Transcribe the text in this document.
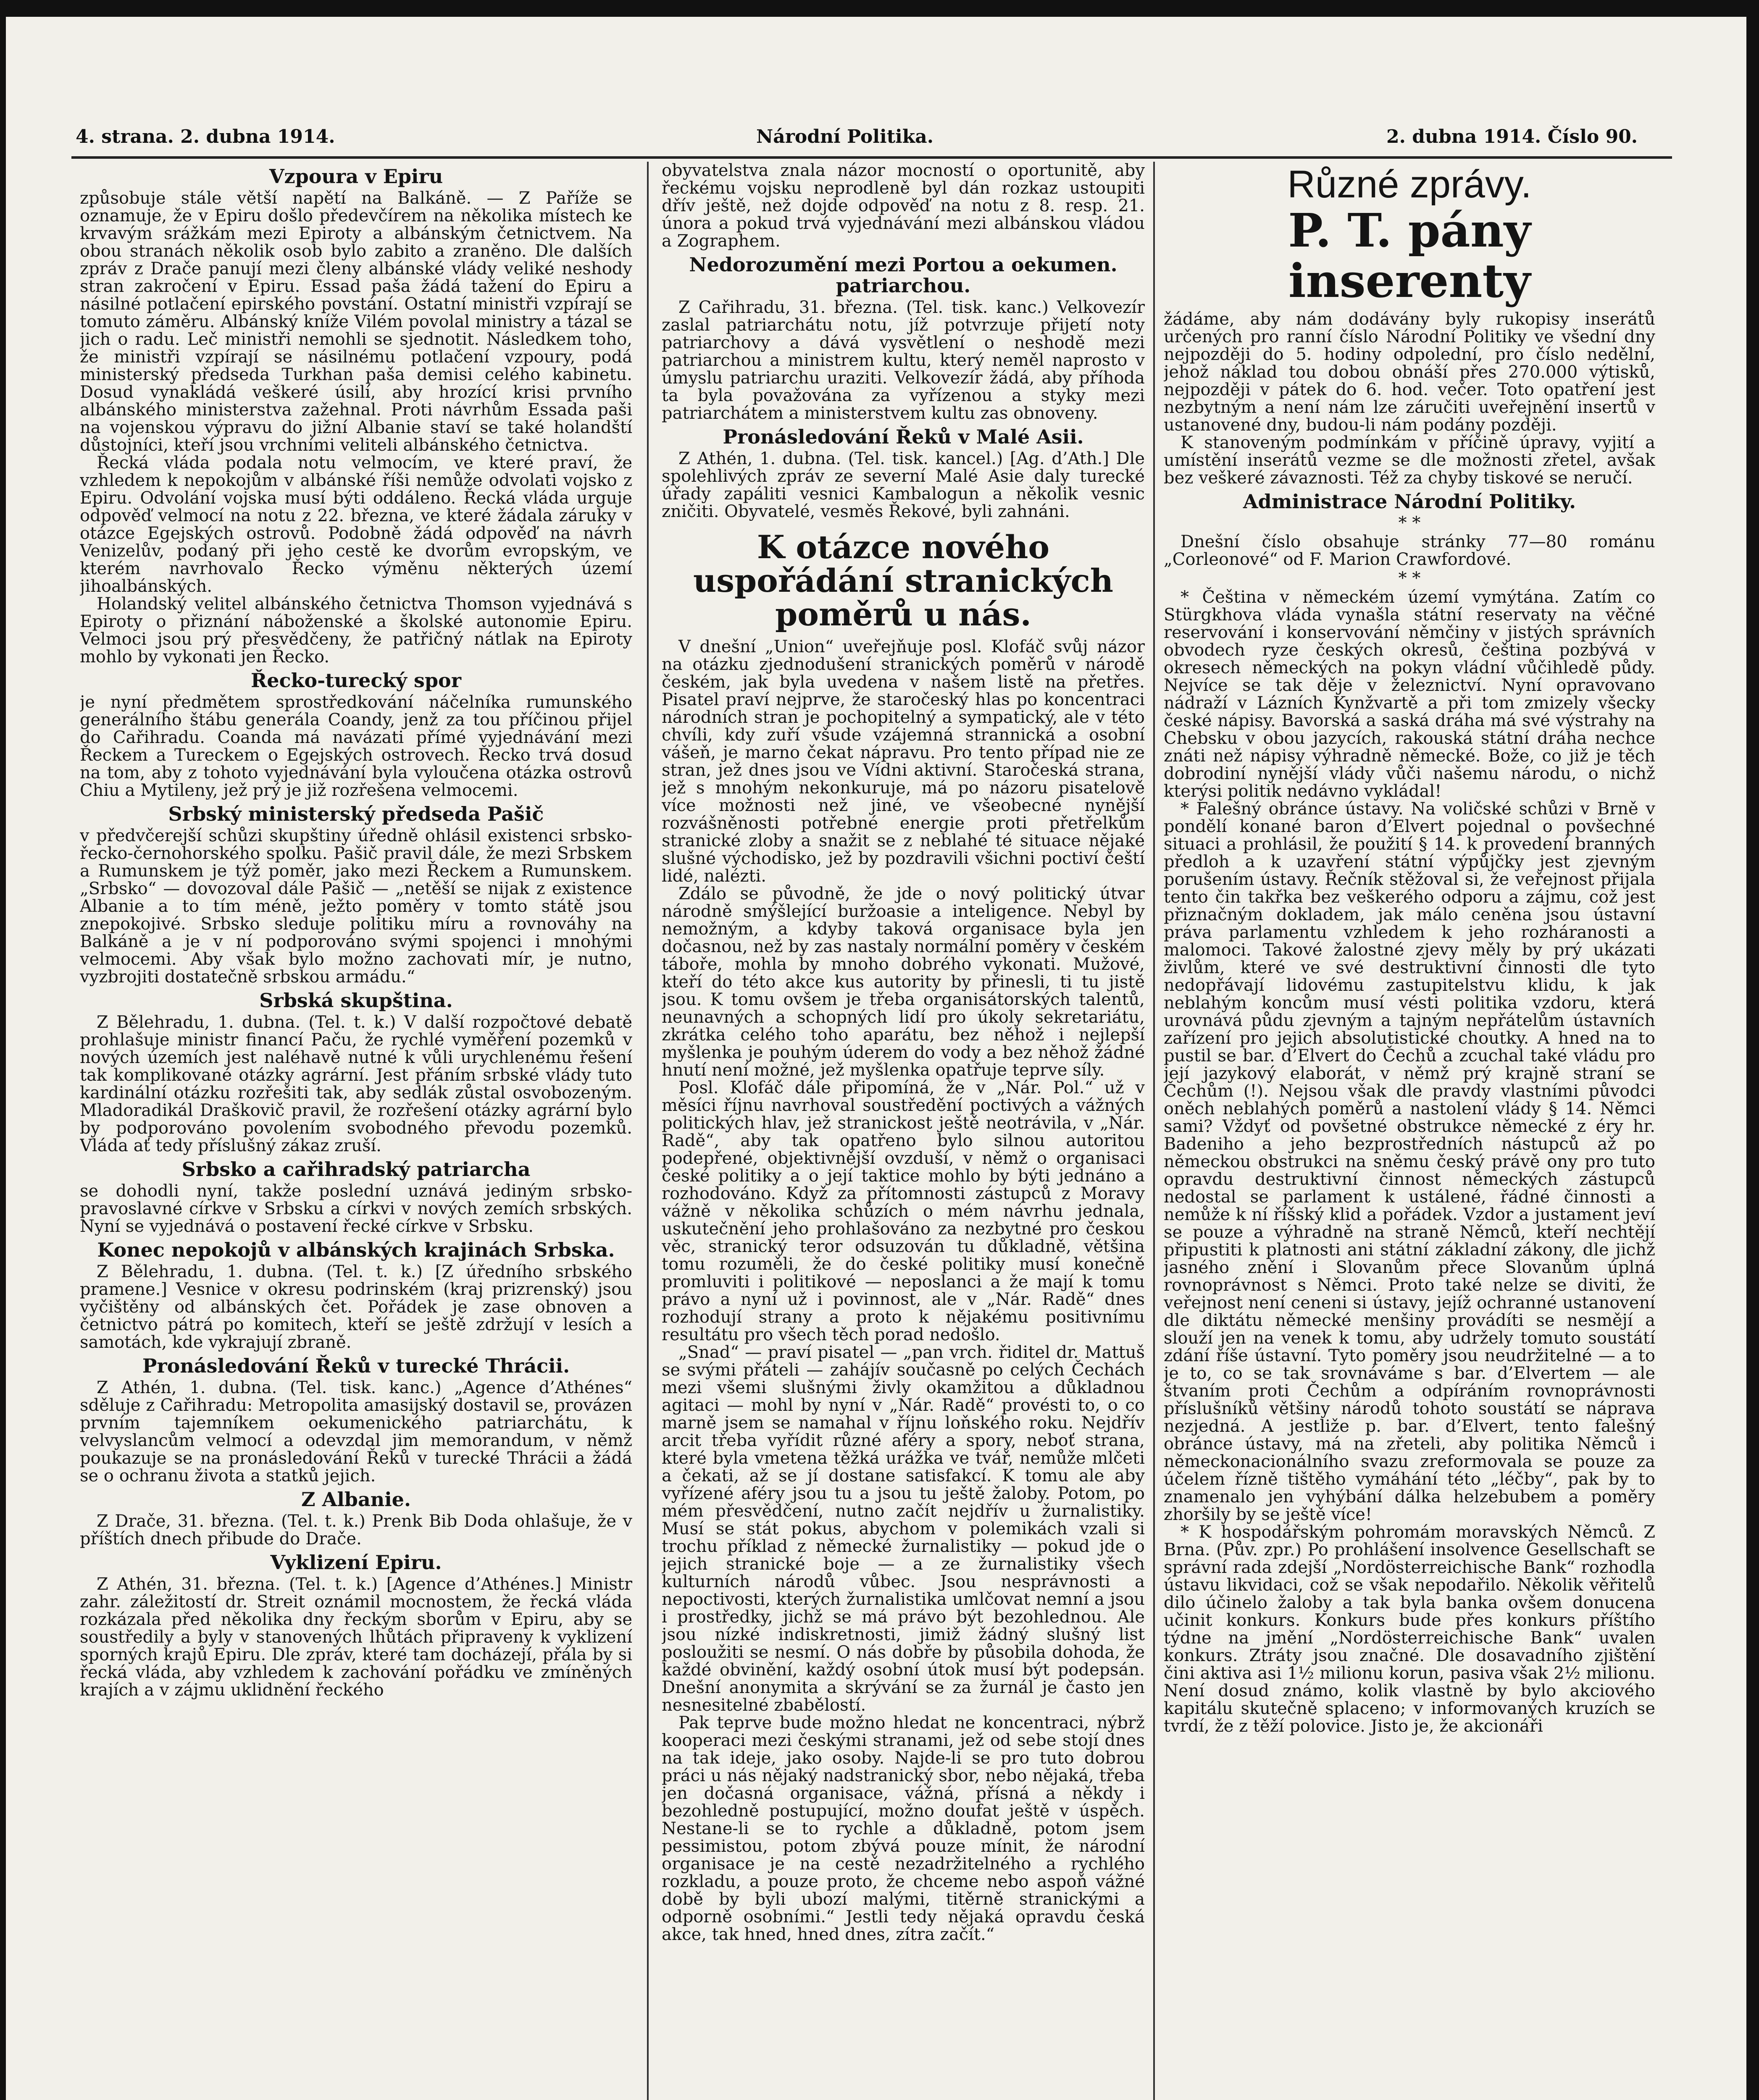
4. strana. 2. dubna 1914.	Národní Politika.	2. dubna 1914. Číslo 90.
Vzpoura v Epiru

způsobuje stále větší napětí na Balkáně. — Z Paříže se oznamuje, že v Epiru došlo předevčírem na několika místech ke krvavým srážkám mezi Epiroty a albánským četnictvem. Na obou stranách několik osob bylo zabito a zraněno. Dle dalších zpráv z Drače panují mezi členy albánské vlády veliké neshody stran zakročení v Epiru. Essad paša žádá tažení do Epiru a násilné potlačení epirského povstání. Ostatní ministři vzpírají se tomuto záměru. Albánský kníže Vilém povolal ministry a tázal se jich o radu. Leč ministři nemohli se sjednotit. Následkem toho, že ministři vzpírají se násilnému potlačení vzpoury, podá ministerský předseda Turkhan paša demisi celého kabinetu. Dosud vynakládá veškeré úsilí, aby hrozící krisi prvního albánského ministerstva zažehnal. Proti návrhům Essada paši na vojenskou výpravu do jižní Albanie staví se také holandští důstojníci, kteří jsou vrchními veliteli albánského četnictva.

Řecká vláda podala notu velmocím, ve které praví, že vzhledem k nepokojům v albánské říši nemůže odvolati vojsko z Epiru. Odvolání vojska musí býti oddáleno. Řecká vláda urguje odpověď velmocí na notu z 22. března, ve které žádala záruky v otázce Egejských ostrovů. Podobně žádá odpověď na návrh Venizelův, podaný při jeho cestě ke dvorům evropským, ve kterém navrhovalo Řecko výměnu některých území jihoalbánských.

Holandský velitel albánského četnictva Thomson vyjednává s Epiroty o přiznání náboženské a školské autonomie Epiru. Velmoci jsou prý přesvědčeny, že patřičný nátlak na Epiroty mohlo by vykonati jen Řecko.

Řecko-turecký spor

je nyní předmětem sprostředkování náčelníka rumunského generálního štábu generála Coandy, jenž za tou příčinou přijel do Cařihradu. Coanda má navázati přímé vyjednávání mezi Řeckem a Tureckem o Egejských ostrovech. Řecko trvá dosud na tom, aby z tohoto vyjednávání byla vyloučena otázka ostrovů Chiu a Mytileny, jež prý je již rozřešena velmocemi.

Srbský ministerský předseda Pašič

v předvčerejší schůzi skupštiny úředně ohlásil existenci srbsko-řecko-černohorského spolku. Pašič pravil dále, že mezi Srbskem a Rumunskem je týž poměr, jako mezi Řeckem a Rumunskem. „Srbsko“ — dovozoval dále Pašič — „netěší se nijak z existence Albanie a to tím méně, ježto poměry v tomto státě jsou znepokojivé. Srbsko sleduje politiku míru a rovnováhy na Balkáně a je v ní podporováno svými spojenci i mnohými velmocemi. Aby však bylo možno zachovati mír, je nutno, vyzbrojiti dostatečně srbskou armádu.“

Srbská skupština.

Z Bělehradu, 1. dubna. (Tel. t. k.) V další rozpočtové debatě prohlašuje ministr financí Paču, že rychlé vyměření pozemků v nových územích jest naléhavě nutné k vůli urychlenému řešení tak komplikované otázky agrární. Jest přáním srbské vlády tuto kardinální otázku rozřešiti tak, aby sedlák zůstal osvobozeným. Mladoradikál Draškovič pravil, že rozřešení otázky agrární bylo by podporováno povolením svobodného převodu pozemků. Vláda ať tedy příslušný zákaz zruší.

Srbsko a cařihradský patriarcha

se dohodli nyní, takže poslední uznává jediným srbsko-pravoslavné církve v Srbsku a církvi v nových zemích srbských. Nyní se vyjednává o postavení řecké církve v Srbsku.

Konec nepokojů v albánských krajinách Srbska.

Z Bělehradu, 1. dubna. (Tel. t. k.) [Z úředního srbského pramene.] Vesnice v okresu podrinském (kraj prizrenský) jsou vyčištěny od albánských čet. Pořádek je zase obnoven a četnictvo pátrá po komitech, kteří se ještě zdržují v lesích a samotách, kde vykrajují zbraně.

Pronásledování Řeků v turecké Thrácii.

Z Athén, 1. dubna. (Tel. tisk. kanc.) „Agence d’Athénes“ sděluje z Cařihradu: Metropolita amasijský dostavil se, provázen prvním tajemníkem oekumenického patriarchátu, k velvyslancům velmocí a odevzdal jim memorandum, v němž poukazuje se na pronásledování Řeků v turecké Thrácii a žádá se o ochranu života a statků jejich.

Z Albanie.

Z Drače, 31. března. (Tel. t. k.) Prenk Bib Doda ohlašuje, že v příštích dnech přibude do Drače.

Vyklizení Epiru.

Z Athén, 31. března. (Tel. t. k.) [Agence d’Athénes.] Ministr zahr. záležitostí dr. Streit oznámil mocnostem, že řecká vláda rozkázala před několika dny řeckým sborům v Epiru, aby se soustředily a byly v stanovených lhůtách připraveny k vyklizení sporných krajů Epiru. Dle zpráv, které tam docházejí, přála by si řecká vláda, aby vzhledem k zachování pořádku ve zmíněných krajích a v zájmu uklidnění řeckého

obyvatelstva znala názor mocností o oportunitě, aby řeckému vojsku neprodleně byl dán rozkaz ustoupiti dřív ještě, než dojde odpověď na notu z 8. resp. 21. února a pokud trvá vyjednávání mezi albánskou vládou a Zographem.

Nedorozumění mezi Portou a oekumen. patriarchou.

Z Cařihradu, 31. března. (Tel. tisk. kanc.) Velkovezír zaslal patriarchátu notu, jíž potvrzuje přijetí noty patriarchovy a dává vysvětlení o neshodě mezi patriarchou a ministrem kultu, který neměl naprosto v úmyslu patriarchu uraziti. Velkovezír žádá, aby příhoda ta byla považována za vyřízenou a styky mezi patriarchátem a ministerstvem kultu zas obnoveny.

Pronásledování Řeků v Malé Asii.

Z Athén, 1. dubna. (Tel. tisk. kancel.) [Ag. d’Ath.] Dle spolehlivých zpráv ze severní Malé Asie daly turecké úřady zapáliti vesnici Kambalogun a několik vesnic zničiti. Obyvatelé, vesměs Řekové, byli zahnáni.

K otázce nového uspořádání stranických poměrů u nás.

V dnešní „Union“ uveřejňuje posl. Klofáč svůj názor na otázku zjednodušení stranických poměrů v národě českém, jak byla uvedena v našem listě na přetřes. Pisatel praví nejprve, že staročeský hlas po koncentraci národních stran je pochopitelný a sympatický, ale v této chvíli, kdy zuří všude vzájemná strannická a osobní vášeň, je marno čekat nápravu. Pro tento případ nie ze stran, jež dnes jsou ve Vídni aktivní. Staročeská strana, jež s mnohým nekonkuruje, má po názoru pisatelově více možnosti než jiné, ve všeobecné nynější rozvášněnosti potřebné energie proti přetřelkům stranické zloby a snažit se z neblahé té situace nějaké slušné východisko, jež by pozdravili všichni poctiví čeští lidé, nalézti.

Zdálo se původně, že jde o nový politický útvar národně smýšlející buržoasie a inteligence. Nebyl by nemožným, a kdyby taková organisace byla jen dočasnou, než by zas nastaly normální poměry v českém táboře, mohla by mnoho dobrého vykonati. Mužové, kteří do této akce kus autority by přinesli, ti tu jistě jsou. K tomu ovšem je třeba organisátorských talentů, neunavných a schopných lidí pro úkoly sekretariátu, zkrátka celého toho aparátu, bez něhož i nejlepší myšlenka je pouhým úderem do vody a bez něhož žádné hnutí není možné, jež myšlenka opatřuje teprve síly.

Posl. Klofáč dále připomíná, že v „Nár. Pol.“ už v měsíci říjnu navrhoval soustředění poctivých a vážných politických hlav, jež stranickost ještě neotrávila, v „Nár. Radě“, aby tak opatřeno bylo silnou autoritou podepřené, objektivnější ovzduší, v němž o organisaci české politiky a o její taktice mohlo by býti jednáno a rozhodováno. Když za přítomnosti zástupců z Moravy vážně v několika schůzích o mém návrhu jednala, uskutečnění jeho prohlašováno za nezbytné pro českou věc, stranický teror odsuzován tu důkladně, většina tomu rozuměli, že do české politiky musí konečně promluviti i politikové — neposlanci a že mají k tomu právo a nyní už i povinnost, ale v „Nár. Radě“ dnes rozhodují strany a proto k nějakému positivnímu resultátu pro všech těch porad nedošlo.

„Snad“ — praví pisatel — „pan vrch. řiditel dr. Mattuš se svými přáteli — zahájív současně po celých Čechách mezi všemi slušnými živly okamžitou a důkladnou agitaci — mohl by nyní v „Nár. Radě“ provésti to, o co marně jsem se namahal v říjnu loňského roku. Nejdřív arcit třeba vyřídit různé aféry a spory, neboť strana, které byla vmetena těžká urážka ve tvář, nemůže mlčeti a čekati, až se jí dostane satisfakcí. K tomu ale aby vyřízené aféry jsou tu a jsou tu ještě žaloby. Potom, po mém přesvědčení, nutno začít nejdřív u žurnalistiky. Musí se stát pokus, abychom v polemikách vzali si trochu příklad z německé žurnalistiky — pokud jde o jejich stranické boje — a ze žurnalistiky všech kulturních národů vůbec. Jsou nesprávnosti a nepoctivosti, kterých žurnalistika umlčovat nemní a jsou i prostředky, jichž se má právo být bezohlednou. Ale jsou nízké indiskretnosti, jimiž žádný slušný list posloužiti se nesmí. O nás dobře by působila dohoda, že každé obvinění, každý osobní útok musí být podepsán. Dnešní anonymita a skrývání se za žurnál je často jen nesnesitelné zbabělostí.

Pak teprve bude možno hledat ne koncentraci, nýbrž kooperaci mezi českými stranami, jež od sebe stojí dnes na tak ideje, jako osoby. Najde-li se pro tuto dobrou práci u nás nějaký nadstranický sbor, nebo nějaká, třeba jen dočasná organisace, vážná, přísná a někdy i bezohledně postupující, možno doufat ještě v úspěch. Nestane-li se to rychle a důkladně, potom jsem pessimistou, potom zbývá pouze mínit, že národní organisace je na cestě nezadržitelného a rychlého rozkladu, a pouze proto, že chceme nebo aspoň vážné době by byli ubozí malými, titěrně stranickými a odporně osobními.“ Jestli tedy nějaká opravdu česká akce, tak hned, hned dnes, zítra začít.“

Různé zprávy.
P. T. pány inserenty

žádáme, aby nám dodávány byly rukopisy inserátů určených pro ranní číslo Národní Politiky ve všední dny nejpozději do 5. hodiny odpolední, pro číslo nedělní, jehož náklad tou dobou obnáší přes 270.000 výtisků, nejpozději v pátek do 6. hod. večer. Toto opatření jest nezbytným a není nám lze záručiti uveřejnění insertů v ustanovené dny, budou-li nám podány později.

K stanoveným podmínkám v příčině úpravy, vyjití a umístění inserátů vezme se dle možnosti zřetel, avšak bez veškeré závaznosti. Též za chyby tiskové se neručí.

Administrace Národní Politiky.
* *

Dnešní číslo obsahuje stránky 77—80 románu „Corleonové“ od F. Marion Crawfordové.

* *

* Čeština v německém území vymýtána. Zatím co Stürgkhova vláda vynašla státní reservaty na věčné reservování i konservování němčiny v jistých správních obvodech ryze českých okresů, čeština pozbývá v okresech německých na pokyn vládní vůčihledě půdy. Nejvíce se tak děje v železnictví. Nyní opravovano nádraží v Lázních Kynžvartě a při tom zmizely všecky české nápisy. Bavorská a saská dráha má své výstrahy na Chebsku v obou jazycích, rakouská státní dráha nechce znáti než nápisy výhradně německé. Bože, co již je těch dobrodiní nynější vlády vůči našemu národu, o nichž kterýsi politik nedávno vykládal!

* Falešný obránce ústavy. Na voličské schůzi v Brně v pondělí konané baron d’Elvert pojednal o povšechné situaci a prohlásil, že použití § 14. k provedení branných předloh a k uzavření státní výpůjčky jest zjevným porušením ústavy. Řečník stěžoval si, že veřejnost přijala tento čin takřka bez veškerého odporu a zájmu, což jest přiznačným dokladem, jak málo ceněna jsou ústavní práva parlamentu vzhledem k jeho rozháranosti a malomoci. Takové žalostné zjevy měly by prý ukázati živlům, které ve své destruktivní činnosti dle tyto nedopřávají lidovému zastupitelstvu klidu, k jak neblahým koncům musí vésti politika vzdoru, která urovnává půdu zjevným a tajným nepřátelům ústavních zařízení pro jejich absolutistické choutky. A hned na to pustil se bar. d’Elvert do Čechů a zcuchal také vládu pro její jazykový elaborát, v němž prý krajně straní se Čechům (!). Nejsou však dle pravdy vlastními původci oněch neblahých poměrů a nastolení vlády § 14. Němci sami? Vždyť od povšetné obstrukce německé z éry hr. Badeniho a jeho bezprostředních nástupců až po německou obstrukci na sněmu český právě ony pro tuto opravdu destruktivní činnost německých zástupců nedostal se parlament k ustálené, řádné činnosti a nemůže k ní říšský klid a pořádek. Vzdor a justament jeví se pouze a výhradně na straně Němců, kteří nechtějí připustiti k platnosti ani státní základní zákony, dle jichž jasného znění i Slovanům přece Slovanům úplná rovnoprávnost s Němci. Proto také nelze se diviti, že veřejnost není ceneni si ústavy, jejíž ochranné ustanovení dle diktátu německé menšiny provádíti se nesmějí a slouží jen na venek k tomu, aby udržely tomuto soustátí zdání říše ústavní. Tyto poměry jsou neudržitelné — a to je to, co se tak srovnáváme s bar. d’Elvertem — ale štvaním proti Čechům a odpíráním rovnoprávnosti příslušníků většiny národů tohoto soustátí se náprava nezjedná. A jestliže p. bar. d’Elvert, tento falešný obránce ústavy, má na zřeteli, aby politika Němců i německonacionálního svazu zreformovala se pouze za účelem řízně tištěho vymáhání této „léčby“, pak by to znamenalo jen vyhýbání dálka helzebubem a poměry zhoršily by se ještě více!

* K hospodářským pohromám moravských Němců. Z Brna. (Pův. zpr.) Po prohlášení insolvence Gesellschaft se správní rada zdejší „Nordösterreichische Bank“ rozhodla ústavu likvidaci, což se však nepodařilo. Několik věřitelů dilo účinelo žaloby a tak byla banka ovšem donucena učinit konkurs. Konkurs bude přes konkurs příštího týdne na jmění „Nordösterreichische Bank“ uvalen konkurs. Ztráty jsou značné. Dle dosavadního zjištění čini aktiva asi 1½ milionu korun, pasiva však 2½ milionu. Není dosud známo, kolik vlastně by bylo akciového kapitálu skutečně splaceno; v informovaných kruzích se tvrdí, že z těží polovice. Jisto je, že akcionáři
